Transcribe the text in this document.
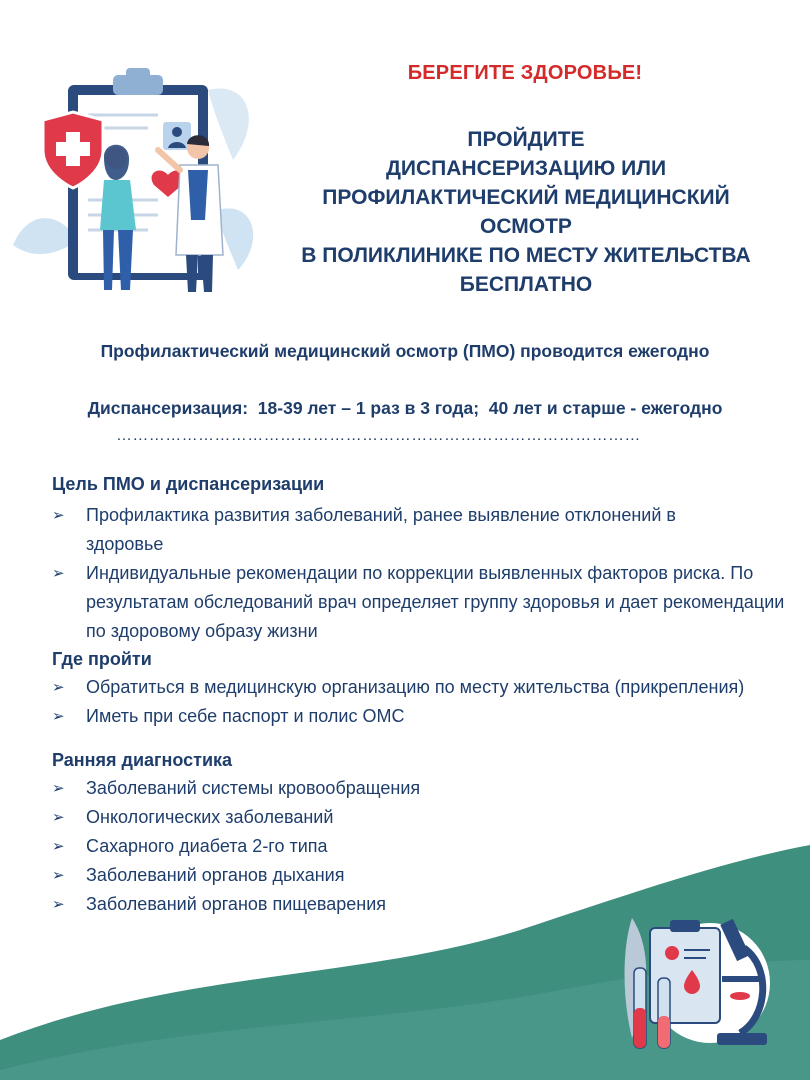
БЕРЕГИТЕ ЗДОРОВЬЕ!
ПРОЙДИТЕ
ДИСПАНСЕРИЗАЦИЮ ИЛИ
ПРОФИЛАКТИЧЕСКИЙ МЕДИЦИНСКИЙ
ОСМОТР
В ПОЛИКЛИНИКЕ ПО МЕСТУ ЖИТЕЛЬСТВА
БЕСПЛАТНО
Профилактический медицинский осмотр (ПМО) проводится ежегодно
Диспансеризация:  18-39 лет – 1 раз в 3 года;  40 лет и старше - ежегодно
……………………………………………………………………………………
Цель ПМО и диспансеризации
➢ Профилактика развития заболеваний, ранее выявление отклонений в здоровье
➢ Индивидуальные рекомендации по коррекции выявленных факторов риска. По результатам обследований врач определяет группу здоровья и дает рекомендации по здоровому образу жизни
Где пройти
➢ Обратиться в медицинскую организацию по месту жительства (прикрепления)
➢ Иметь при себе паспорт и полис ОМС
Ранняя диагностика
➢ Заболеваний системы кровообращения
➢ Онкологических заболеваний
➢ Сахарного диабета 2-го типа
➢ Заболеваний органов дыхания
➢ Заболеваний органов пищеварения
